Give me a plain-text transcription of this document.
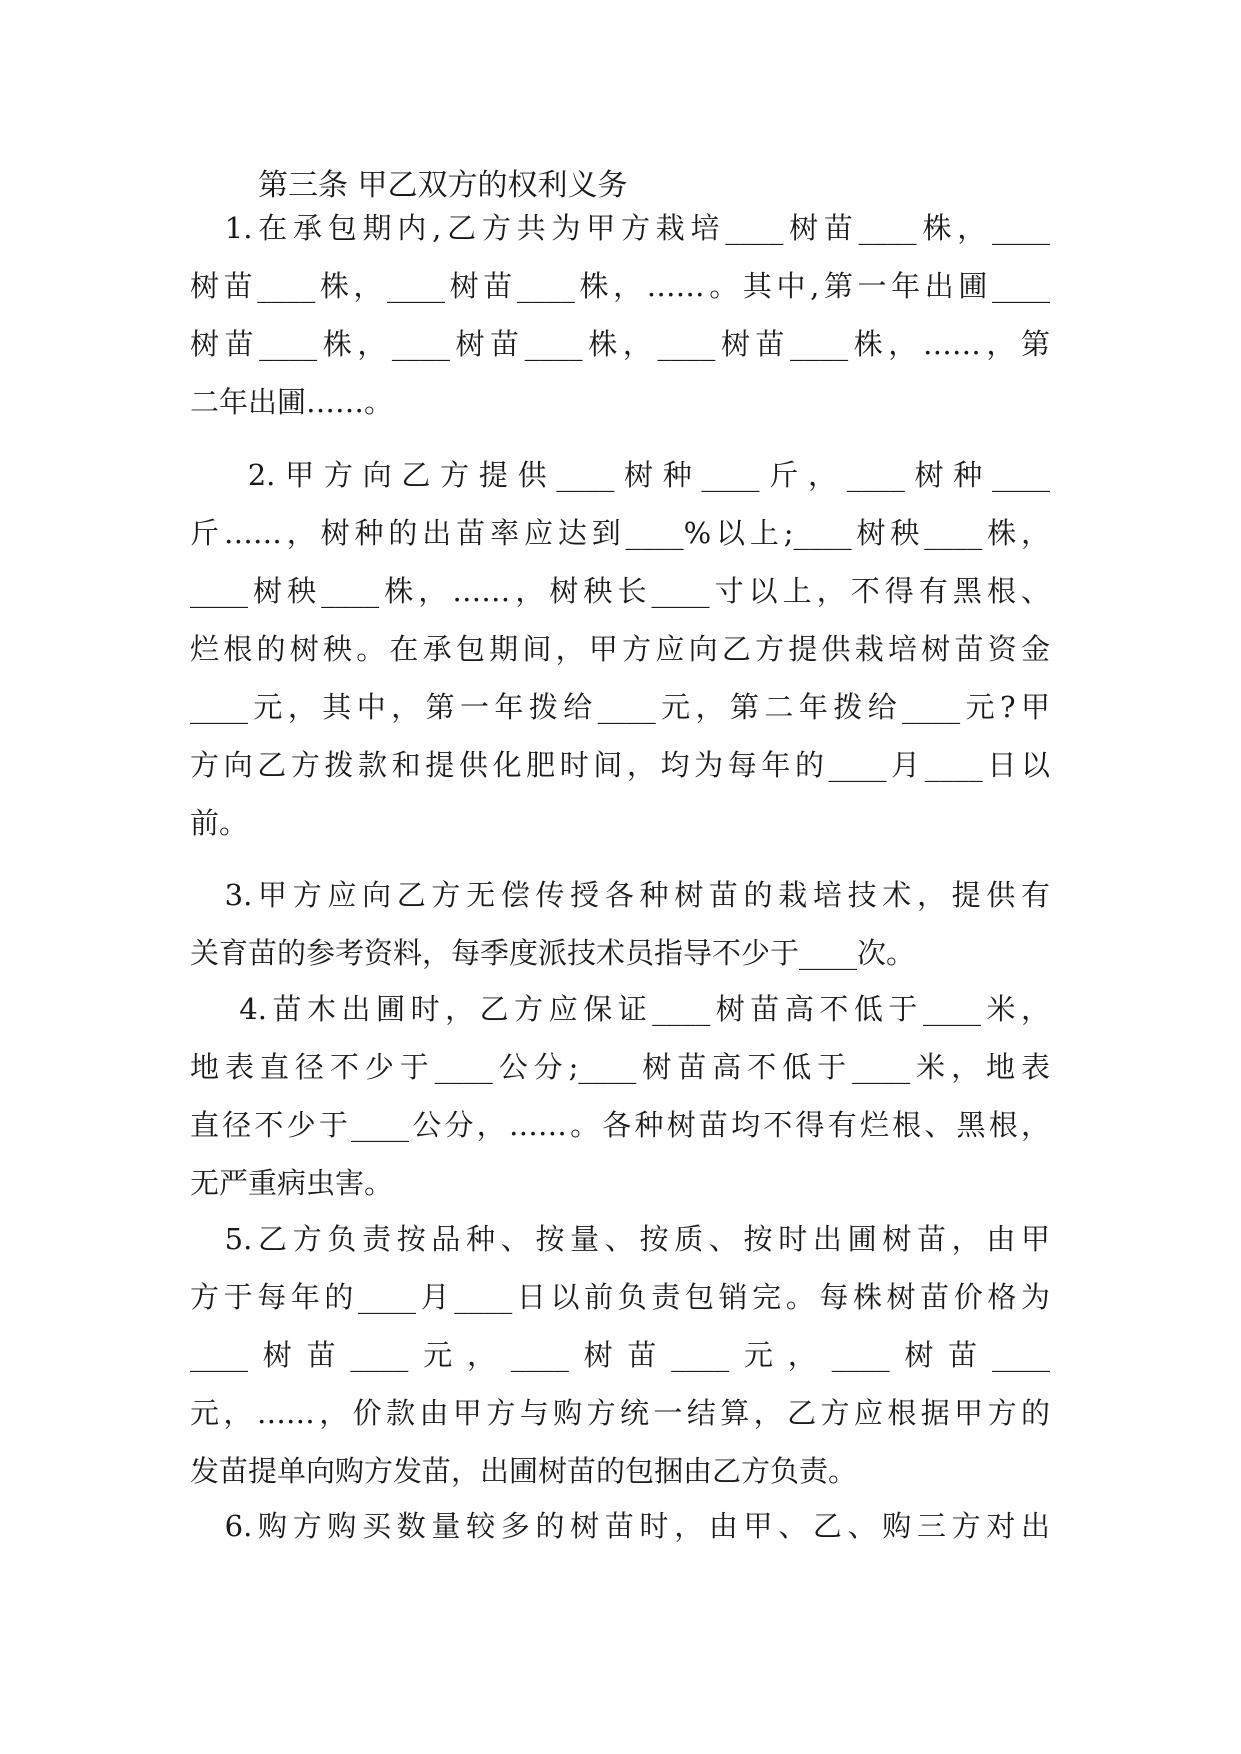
第三条 甲乙双方的权利义务
　1.在承包期内,乙方共为甲方栽培____树苗____株，____
树苗____株，____树苗____株，……。其中,第一年出圃____
树苗____株，____树苗____株，____树苗____株，……，第
二年出圃……。
　 2.甲方向乙方提供____树种____斤，____树种____
斤……，树种的出苗率应达到____%以上;____树秧____株，
____树秧____株，……，树秧长____寸以上，不得有黑根、
烂根的树秧。在承包期间，甲方应向乙方提供栽培树苗资金
____元，其中，第一年拨给____元，第二年拨给____元?甲
方向乙方拨款和提供化肥时间，均为每年的____月____日以
前。
　3.甲方应向乙方无偿传授各种树苗的栽培技术，提供有
关育苗的参考资料，每季度派技术员指导不少于____次。
　 4.苗木出圃时，乙方应保证____树苗高不低于____米，
地表直径不少于____公分;____树苗高不低于____米，地表
直径不少于____公分，……。各种树苗均不得有烂根、黑根，
无严重病虫害。
　5.乙方负责按品种、按量、按质、按时出圃树苗，由甲
方于每年的____月____日以前负责包销完。每株树苗价格为
____树苗____元，____树苗____元，____树苗____
元，……，价款由甲方与购方统一结算，乙方应根据甲方的
发苗提单向购方发苗，出圃树苗的包捆由乙方负责。
　6.购方购买数量较多的树苗时，由甲、乙、购三方对出
